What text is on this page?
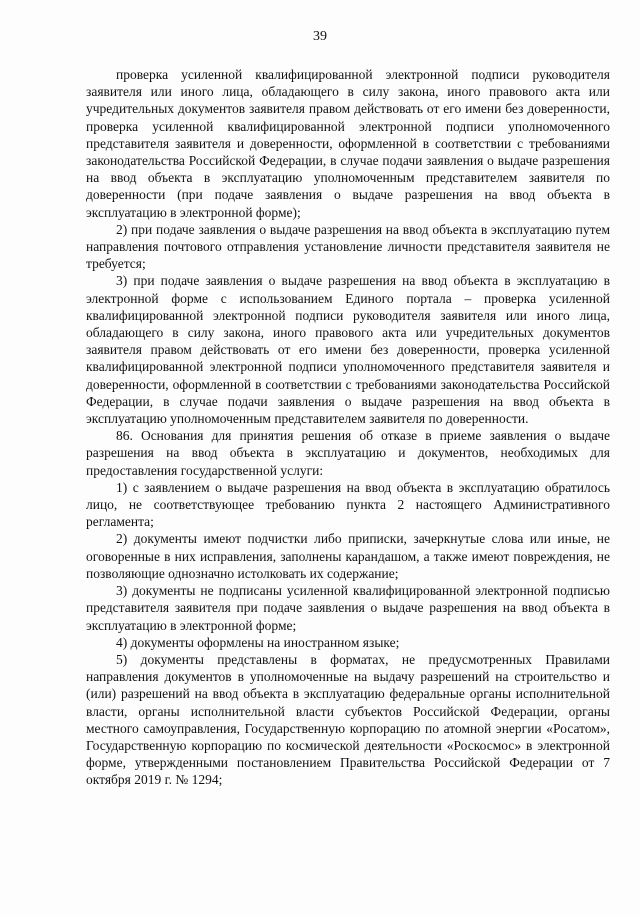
39

проверка усиленной квалифицированной электронной подписи руководителя заявителя или иного лица, обладающего в силу закона, иного правового акта или учредительных документов заявителя правом действовать от его имени без доверенности, проверка усиленной квалифицированной электронной подписи уполномоченного представителя заявителя и доверенности, оформленной в соответствии с требованиями законодательства Российской Федерации, в случае подачи заявления о выдаче разрешения на ввод объекта в эксплуатацию уполномоченным представителем заявителя по доверенности (при подаче заявления о выдаче разрешения на ввод объекта в эксплуатацию в электронной форме);

2) при подаче заявления о выдаче разрешения на ввод объекта в эксплуатацию путем направления почтового отправления установление личности представителя заявителя не требуется;

3) при подаче заявления о выдаче разрешения на ввод объекта в эксплуатацию в электронной форме с использованием Единого портала – проверка усиленной квалифицированной электронной подписи руководителя заявителя или иного лица, обладающего в силу закона, иного правового акта или учредительных документов заявителя правом действовать от его имени без доверенности, проверка усиленной квалифицированной электронной подписи уполномоченного представителя заявителя и доверенности, оформленной в соответствии с требованиями законодательства Российской Федерации, в случае подачи заявления о выдаче разрешения на ввод объекта в эксплуатацию уполномоченным представителем заявителя по доверенности.

86. Основания для принятия решения об отказе в приеме заявления о выдаче разрешения на ввод объекта в эксплуатацию и документов, необходимых для предоставления государственной услуги:

1) с заявлением о выдаче разрешения на ввод объекта в эксплуатацию обратилось лицо, не соответствующее требованию пункта 2 настоящего Административного регламента;

2) документы имеют подчистки либо приписки, зачеркнутые слова или иные, не оговоренные в них исправления, заполнены карандашом, а также имеют повреждения, не позволяющие однозначно истолковать их содержание;

3) документы не подписаны усиленной квалифицированной электронной подписью представителя заявителя при подаче заявления о выдаче разрешения на ввод объекта в эксплуатацию в электронной форме;

4) документы оформлены на иностранном языке;

5) документы представлены в форматах, не предусмотренных Правилами направления документов в уполномоченные на выдачу разрешений на строительство и (или) разрешений на ввод объекта в эксплуатацию федеральные органы исполнительной власти, органы исполнительной власти субъектов Российской Федерации, органы местного самоуправления, Государственную корпорацию по атомной энергии «Росатом», Государственную корпорацию по космической деятельности «Роскосмос» в электронной форме, утвержденными постановлением Правительства Российской Федерации от 7 октября 2019 г. № 1294;
